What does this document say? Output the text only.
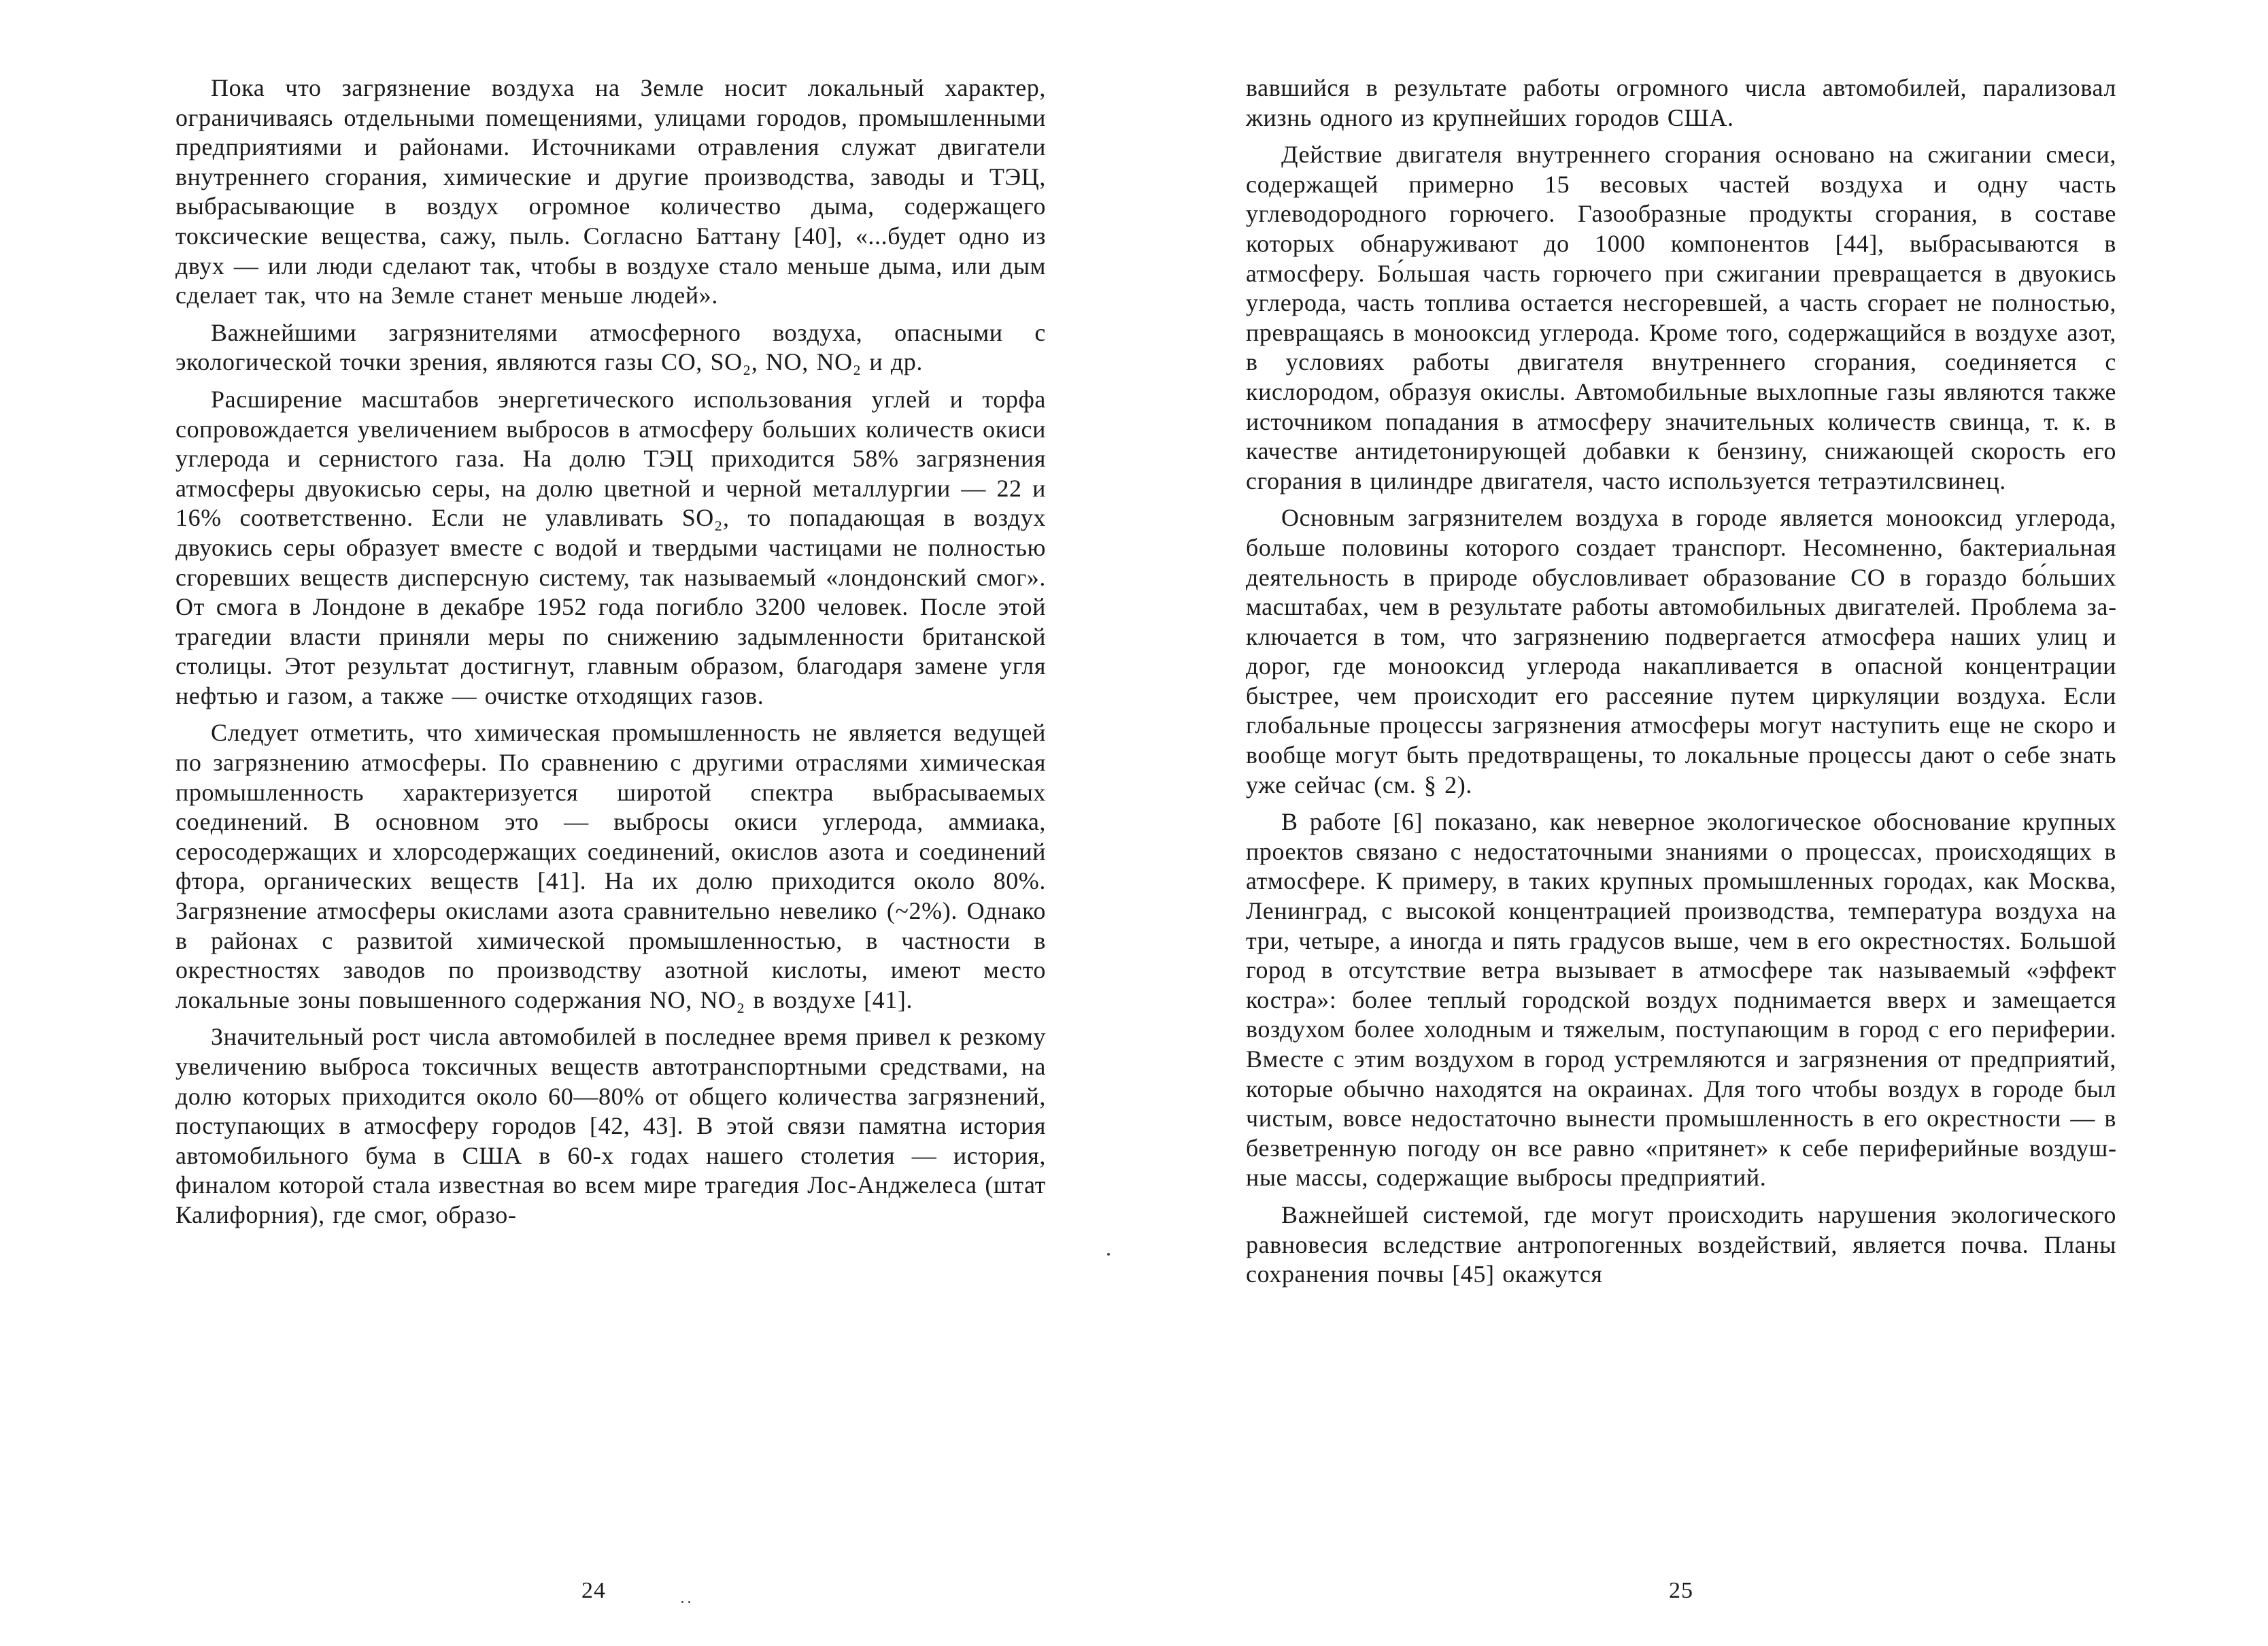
Пока что загрязнение воздуха на Земле носит локальный характер, ограничиваясь отдельными помещениями, улицами городов, промышленными предприятиями и районами. Источниками отравления служат двигатели внутреннего сгорания, химические и другие производства, заводы и ТЭЦ, выбрасывающие в воздух огромное количество дыма, содержащего токсические вещества, сажу, пыль. Согласно Баттану [40], «...будет одно из двух — или люди сделают так, чтобы в воздухе стало меньше дыма, или дым сделает так, что на Земле станет меньше людей».

Важнейшими загрязнителями атмосферного воздуха, опасными с экологической точки зрения, являются газы CO, SO₂, NO, NO₂ и др.

Расширение масштабов энергетического использования углей и торфа сопровождается увеличением выбросов в атмосферу больших количеств окиси углерода и сернистого газа. На долю ТЭЦ приходится 58% загрязнения атмосферы двуокисью серы, на долю цветной и черной металлургии — 22 и 16% соответственно. Если не улавливать SO₂, то попадающая в воздух двуокись серы образует вместе с водой и твердыми частицами не полностью сгоревших веществ дисперсную систему, так называемый «лондонский смог». От смога в Лондоне в декабре 1952 года погибло 3200 человек. После этой трагедии власти приняли меры по снижению задымленности британской столицы. Этот результат достигнут, главным образом, благодаря замене угля нефтью и газом, а также — очистке отходящих газов.

Следует отметить, что химическая промышленность не является ведущей по загрязнению атмосферы. По сравнению с другими отраслями химическая промышленность характеризуется широтой спектра выбрасываемых соединений. В основном это — выбросы окиси углерода, аммиака, серосодержащих и хлорсодержащих соединений, окислов азота и соединений фтора, органических веществ [41]. На их долю приходится около 80%. Загрязнение атмосферы окислами азота сравнительно невелико (~2%). Однако в районах с развитой химической промышленностью, в частности в окрестностях заводов по производству азотной кислоты, имеют место локальные зоны повышенного содержания NO, NO₂ в воздухе [41].

Значительный рост числа автомобилей в последнее время привел к резкому увеличению выброса токсичных веществ автотранспортными средствами, на долю которых приходится около 60—80% от общего количества загрязнений, поступающих в атмосферу городов [42, 43]. В этой связи памятна история автомобильного бума в США в 60-х годах нашего столетия — история, финалом которой стала известная во всем мире трагедия Лос-Анджелеса (штат Калифорния), где смог, образо-

24

вавшийся в результате работы огромного числа автомобилей, парализовал жизнь одного из крупнейших городов США.

Действие двигателя внутреннего сгорания основано на сжигании смеси, содержащей примерно 15 весовых частей воздуха и одну часть углеводородного горючего. Газообразные продукты сгорания, в составе которых обнаруживают до 1000 компонентов [44], выбрасываются в атмосферу. Бо́льшая часть горючего при сжигании превращается в двуокись углерода, часть топлива остается несгоревшей, а часть сгорает не полностью, превращаясь в монооксид углерода. Кроме того, содержащийся в воздухе азот, в условиях работы двигателя внутреннего сгорания, соединяется с кислородом, образуя окислы. Автомобильные выхлопные газы являются также источником попадания в атмосферу значительных количеств свинца, т. к. в качестве антидетонирующей добавки к бензину, снижающей скорость его сгорания в цилиндре двигателя, часто используется тетраэтилсвинец.

Основным загрязнителем воздуха в городе является монооксид углерода, больше половины которого создает транспорт. Несомненно, бактериальная деятельность в природе обусловливает образование CO в гораздо бо́льших масштабах, чем в результате работы автомобильных двигателей. Проблема заключается в том, что загрязнению подвергается атмосфера наших улиц и дорог, где монооксид углерода накапливается в опасной концентрации быстрее, чем происходит его рассеяние путем циркуляции воздуха. Если глобальные процессы загрязнения атмосферы могут наступить еще не скоро и вообще могут быть предотвращены, то локальные процессы дают о себе знать уже сейчас (см. § 2).

В работе [6] показано, как неверное экологическое обоснование крупных проектов связано с недостаточными знаниями о процессах, происходящих в атмосфере. К примеру, в таких крупных промышленных городах, как Москва, Ленинград, с высокой концентрацией производства, температура воздуха на три, четыре, а иногда и пять градусов выше, чем в его окрестностях. Большой город в отсутствие ветра вызывает в атмосфере так называемый «эффект костра»: более теплый городской воздух поднимается вверх и замещается воздухом более холодным и тяжелым, поступающим в город с его периферии. Вместе с этим воздухом в город устремляются и загрязнения от предприятий, которые обычно находятся на окраинах. Для того чтобы воздух в городе был чистым, вовсе недостаточно вынести промышленность в его окрестности — в безветренную погоду он все равно «притянет» к себе периферийные воздушные массы, содержащие выбросы предприятий.

Важнейшей системой, где могут происходить нарушения экологического равновесия вследствие антропогенных воздействий, является почва. Планы сохранения почвы [45] окажутся

25
